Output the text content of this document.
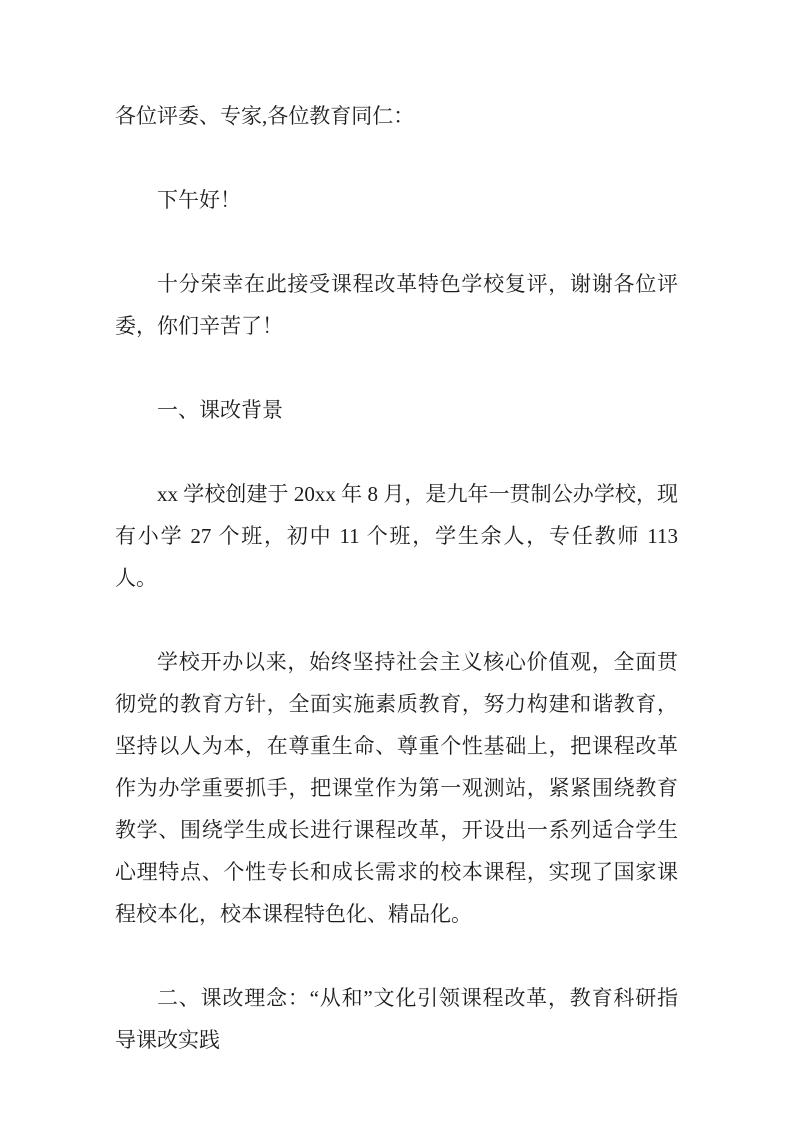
各位评委、专家,各位教育同仁：

下午好！

十分荣幸在此接受课程改革特色学校复评，谢谢各位评委，你们辛苦了！

一、课改背景

xx 学校创建于 20xx 年 8 月，是九年一贯制公办学校，现有小学 27 个班，初中 11 个班，学生余人，专任教师 113 人。

学校开办以来，始终坚持社会主义核心价值观，全面贯彻党的教育方针，全面实施素质教育，努力构建和谐教育，坚持以人为本，在尊重生命、尊重个性基础上，把课程改革作为办学重要抓手，把课堂作为第一观测站，紧紧围绕教育教学、围绕学生成长进行课程改革，开设出一系列适合学生心理特点、个性专长和成长需求的校本课程，实现了国家课程校本化，校本课程特色化、精品化。

二、课改理念：“从和”文化引领课程改革，教育科研指导课改实践
